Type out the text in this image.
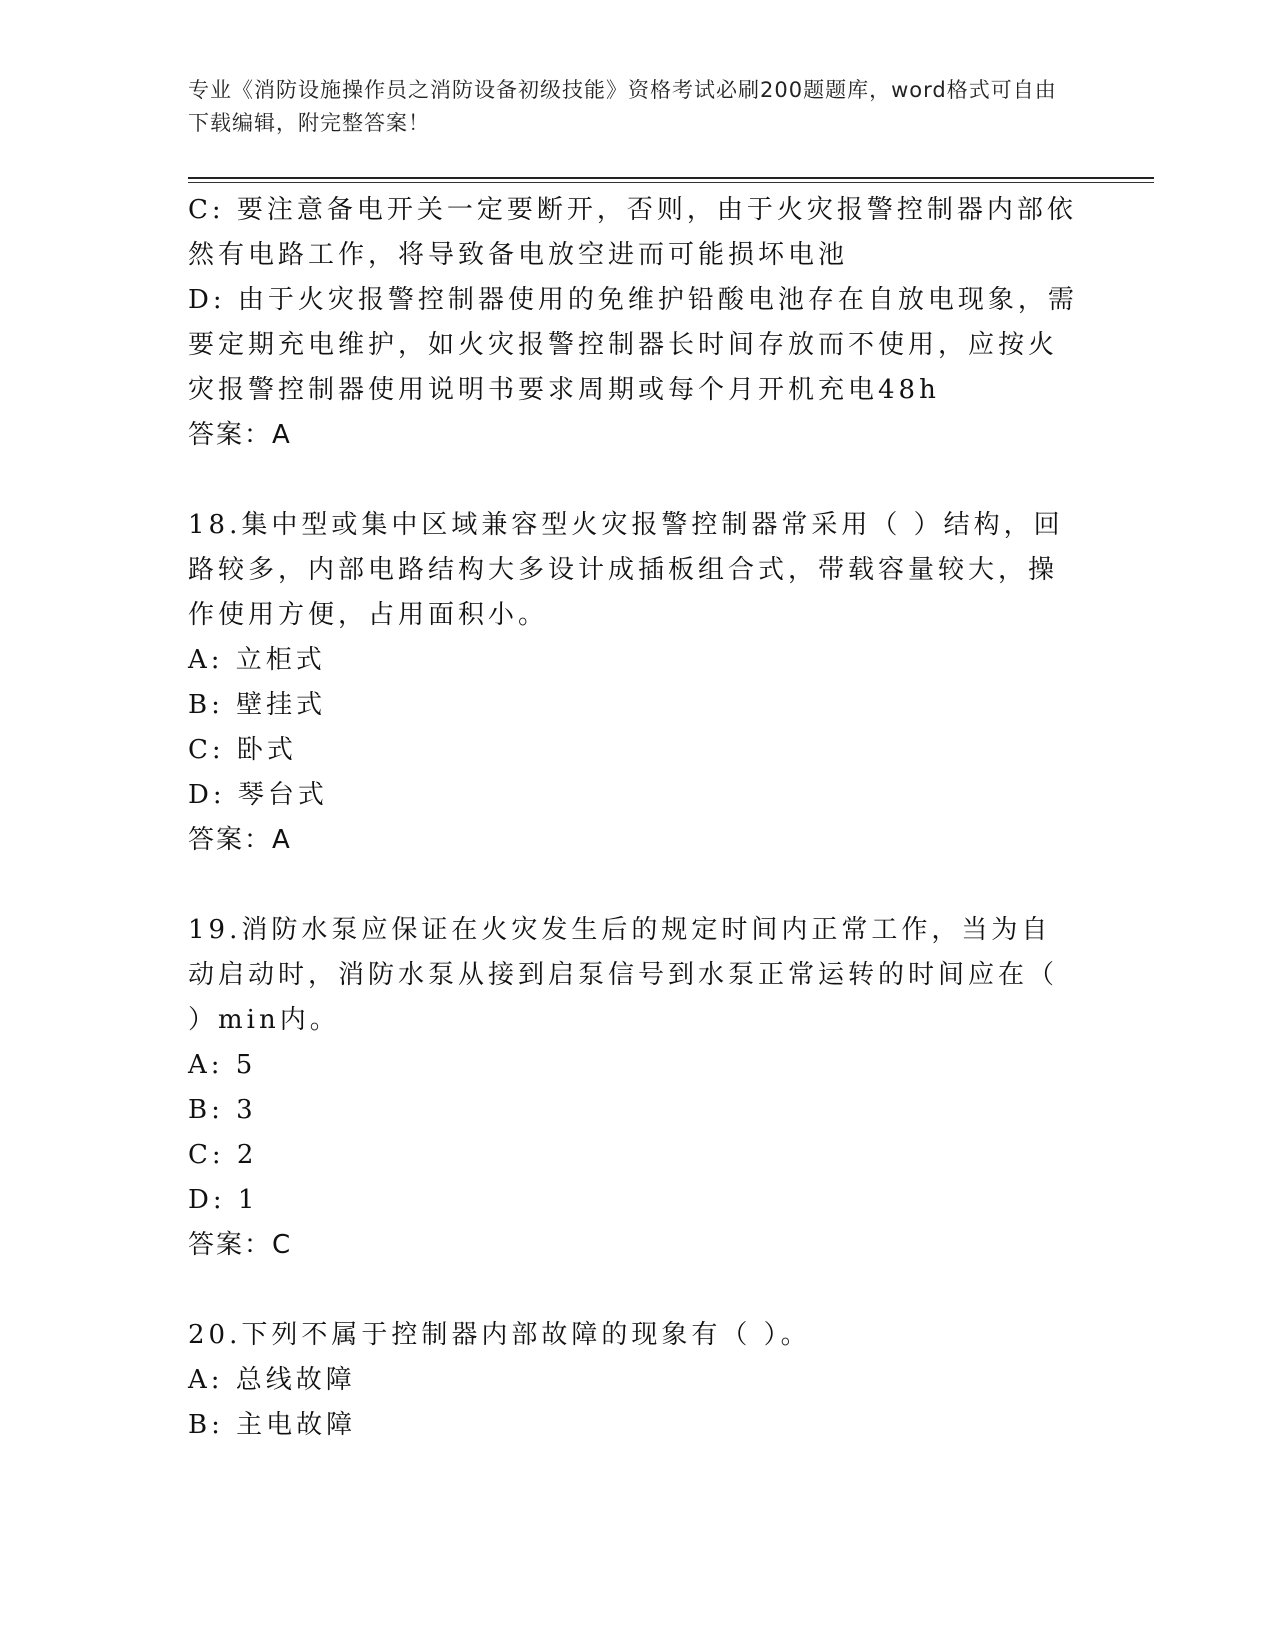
专业《消防设施操作员之消防设备初级技能》资格考试必刷200题题库，word格式可自由下载编辑，附完整答案！

C: 要注意备电开关一定要断开，否则，由于火灾报警控制器内部依然有电路工作，将导致备电放空进而可能损坏电池

D: 由于火灾报警控制器使用的免维护铅酸电池存在自放电现象，需要定期充电维护，如火灾报警控制器长时间存放而不使用，应按火灾报警控制器使用说明书要求周期或每个月开机充电48h

答案：A

18.集中型或集中区域兼容型火灾报警控制器常采用（ ）结构，回路较多，内部电路结构大多设计成插板组合式，带载容量较大，操作使用方便，占用面积小。

A: 立柜式

B: 壁挂式

C: 卧式

D: 琴台式

答案：A

19.消防水泵应保证在火灾发生后的规定时间内正常工作，当为自动启动时，消防水泵从接到启泵信号到水泵正常运转的时间应在（ ）min内。

A: 5

B: 3

C: 2

D: 1

答案：C

20.下列不属于控制器内部故障的现象有（ ）。

A: 总线故障

B: 主电故障
